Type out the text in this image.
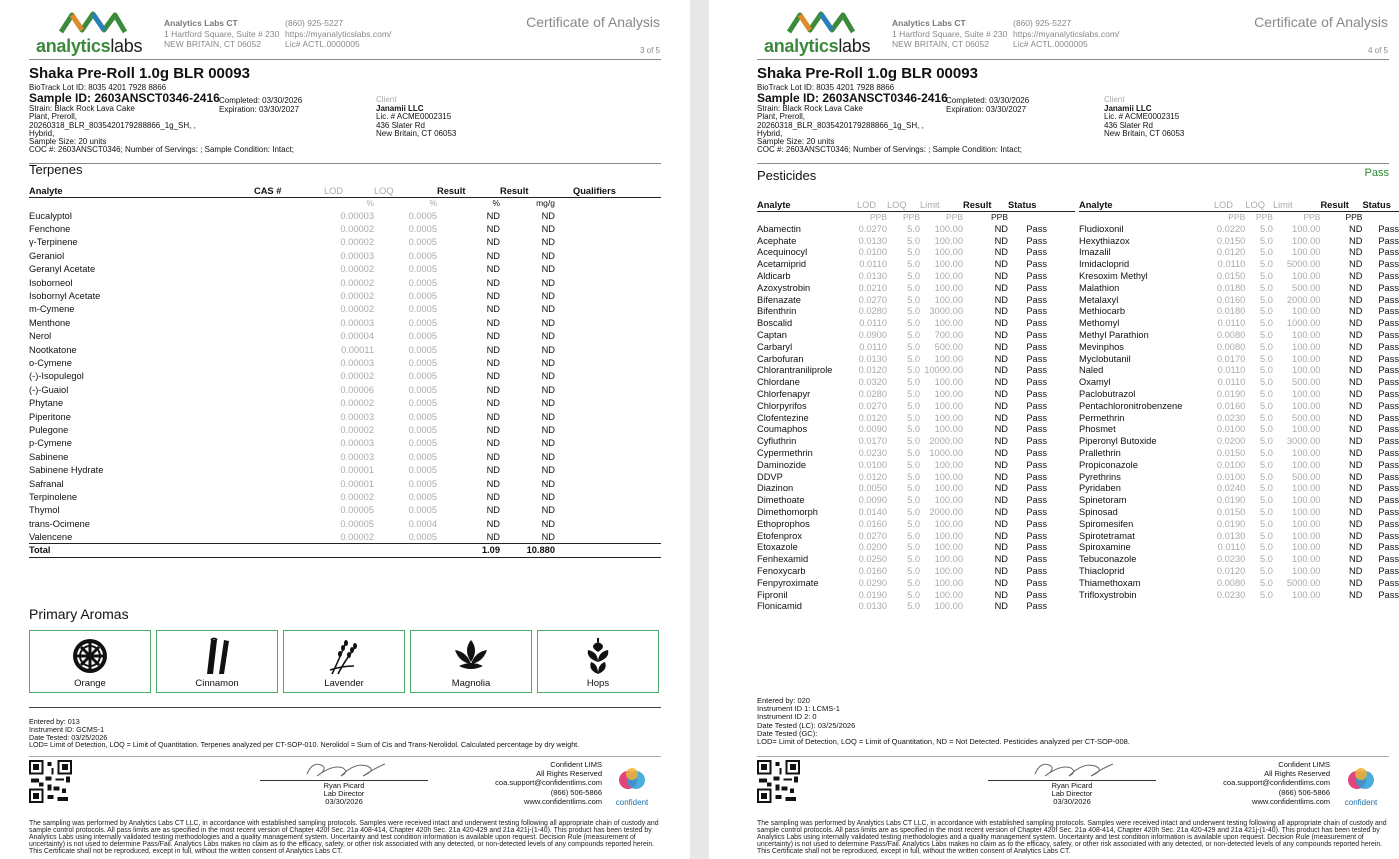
analyticslabs
Analytics Labs CT
1 Hartford Square, Suite # 230
NEW BRITAIN, CT 06052
(860) 925-5227
https://myanalyticslabs.com/
Lic# ACTL.0000005
Certificate of Analysis
3 of 5
Shaka Pre-Roll 1.0g BLR 00093
BioTrack Lot ID: 8035 4201 7928 8866
Sample ID: 2603ANSCT0346-2416
Strain: Black Rock Lava Cake
Plant, Preroll,
20260318_BLR_8035420179288866_1g_SH, ,
Hybrid,
Sample Size: 20 units
COC #: 2603ANSCT0346; Number of Servings: ; Sample Condition: Intact;
Completed: 03/30/2026
Expiration: 03/30/2027
Client
Janamii LLC
Lic. # ACME0002315
436 Slater Rd
New Britain, CT 06053
Terpenes
Analyte	CAS #	LOD	LOQ	Result	Result	Qualifiers
		%	%	%	mg/g	
Eucalyptol		0.00003	0.0005	ND	ND	
Fenchone		0.00002	0.0005	ND	ND	
γ-Terpinene		0.00002	0.0005	ND	ND	
Geraniol		0.00003	0.0005	ND	ND	
Geranyl Acetate		0.00002	0.0005	ND	ND	
Isoborneol		0.00002	0.0005	ND	ND	
Isobornyl Acetate		0.00002	0.0005	ND	ND	
m-Cymene		0.00002	0.0005	ND	ND	
Menthone		0.00003	0.0005	ND	ND	
Nerol		0.00004	0.0005	ND	ND	
Nootkatone		0.00011	0.0005	ND	ND	
o-Cymene		0.00003	0.0005	ND	ND	
(-)-Isopulegol		0.00002	0.0005	ND	ND	
(-)-Guaiol		0.00006	0.0005	ND	ND	
Phytane		0.00002	0.0005	ND	ND	
Piperitone		0.00003	0.0005	ND	ND	
Pulegone		0.00002	0.0005	ND	ND	
p-Cymene		0.00003	0.0005	ND	ND	
Sabinene		0.00003	0.0005	ND	ND	
Sabinene Hydrate		0.00001	0.0005	ND	ND	
Safranal		0.00001	0.0005	ND	ND	
Terpinolene		0.00002	0.0005	ND	ND	
Thymol		0.00005	0.0005	ND	ND	
trans-Ocimene		0.00005	0.0004	ND	ND	
Valencene		0.00002	0.0005	ND	ND	
Total				1.09	10.880	
Primary Aromas
Orange	Cinnamon	Lavender	Magnolia	Hops
Entered by: 013
Instrument ID: GCMS-1
Date Tested: 03/25/2026
LOD= Limit of Detection, LOQ = Limit of Quantitation. Terpenes analyzed per CT-SOP-010. Nerolidol = Sum of Cis and Trans-Nerolidol. Calculated percentage by dry weight.
Ryan Picard
Lab Director
03/30/2026
Confident LIMS
All Rights Reserved
coa.support@confidentlims.com
(866) 506-5866
www.confidentlims.com confident
The sampling was performed by Analytics Labs CT LLC, in accordance with established sampling protocols. Samples were received intact and underwent testing following all appropriate chain of custody and sample control protocols. All pass limits are as specified in the most recent version of Chapter 420f Sec. 21a 408-414, Chapter 420h Sec. 21a 420-429 and 21a 421j-(1-40). This product has been tested by Analytics Labs using internally validated testing methodologies and a quality management system. Uncertainty and test condition information is available upon request. Decision Rule (measurement of uncertainty) is not used to determine Pass/Fail. Analytics Labs makes no claim as to the efficacy, safety, or other risk associated with any detected, or non-detected levels of any compounds reported herein. This Certificate shall not be reproduced, except in full, without the written consent of Analytics Labs CT.
analyticslabs
Analytics Labs CT
1 Hartford Square, Suite # 230
NEW BRITAIN, CT 06052
(860) 925-5227
https://myanalyticslabs.com/
Lic# ACTL.0000005
Certificate of Analysis
4 of 5
Shaka Pre-Roll 1.0g BLR 00093
BioTrack Lot ID: 8035 4201 7928 8866
Sample ID: 2603ANSCT0346-2416
Strain: Black Rock Lava Cake
Plant, Preroll,
20260318_BLR_8035420179288866_1g_SH, ,
Hybrid,
Sample Size: 20 units
COC #: 2603ANSCT0346; Number of Servings: ; Sample Condition: Intact;
Completed: 03/30/2026
Expiration: 03/30/2027
Client
Janamii LLC
Lic. # ACME0002315
436 Slater Rd
New Britain, CT 06053
Pesticides	Pass
Analyte	LOD	LOQ	Limit	Result	Status	
	PPB	PPB	PPB	PPB		
Abamectin	0.0270	5.0	100.00	ND	Pass	
Acephate	0.0130	5.0	100.00	ND	Pass	
Acequinocyl	0.0100	5.0	100.00	ND	Pass	
Acetamiprid	0.0110	5.0	100.00	ND	Pass	
Aldicarb	0.0130	5.0	100.00	ND	Pass	
Azoxystrobin	0.0210	5.0	100.00	ND	Pass	
Bifenazate	0.0270	5.0	100.00	ND	Pass	
Bifenthrin	0.0280	5.0	3000.00	ND	Pass	
Boscalid	0.0110	5.0	100.00	ND	Pass	
Captan	0.0900	5.0	700.00	ND	Pass	
Carbaryl	0.0110	5.0	500.00	ND	Pass	
Carbofuran	0.0130	5.0	100.00	ND	Pass	
Chlorantraniliprole	0.0120	5.0	10000.00	ND	Pass	
Chlordane	0.0320	5.0	100.00	ND	Pass	
Chlorfenapyr	0.0280	5.0	100.00	ND	Pass	
Chlorpyrifos	0.0270	5.0	100.00	ND	Pass	
Clofentezine	0.0120	5.0	100.00	ND	Pass	
Coumaphos	0.0090	5.0	100.00	ND	Pass	
Cyfluthrin	0.0170	5.0	2000.00	ND	Pass	
Cypermethrin	0.0230	5.0	1000.00	ND	Pass	
Daminozide	0.0100	5.0	100.00	ND	Pass	
DDVP	0.0120	5.0	100.00	ND	Pass	
Diazinon	0.0050	5.0	100.00	ND	Pass	
Dimethoate	0.0090	5.0	100.00	ND	Pass	
Dimethomorph	0.0140	5.0	2000.00	ND	Pass	
Ethoprophos	0.0160	5.0	100.00	ND	Pass	
Etofenprox	0.0270	5.0	100.00	ND	Pass	
Etoxazole	0.0200	5.0	100.00	ND	Pass	
Fenhexamid	0.0250	5.0	100.00	ND	Pass	
Fenoxycarb	0.0160	5.0	100.00	ND	Pass	
Fenpyroximate	0.0290	5.0	100.00	ND	Pass	
Fipronil	0.0190	5.0	100.00	ND	Pass	
Flonicamid	0.0130	5.0	100.00	ND	Pass	
Analyte	LOD	LOQ	Limit	Result	Status
	PPB	PPB	PPB	PPB	
Fludioxonil	0.0220	5.0	100.00	ND	Pass
Hexythiazox	0.0150	5.0	100.00	ND	Pass
Imazalil	0.0120	5.0	100.00	ND	Pass
Imidacloprid	0.0110	5.0	5000.00	ND	Pass
Kresoxim Methyl	0.0150	5.0	100.00	ND	Pass
Malathion	0.0180	5.0	500.00	ND	Pass
Metalaxyl	0.0160	5.0	2000.00	ND	Pass
Methiocarb	0.0180	5.0	100.00	ND	Pass
Methomyl	0.0110	5.0	1000.00	ND	Pass
Methyl Parathion	0.0080	5.0	100.00	ND	Pass
Mevinphos	0.0080	5.0	100.00	ND	Pass
Myclobutanil	0.0170	5.0	100.00	ND	Pass
Naled	0.0110	5.0	100.00	ND	Pass
Oxamyl	0.0110	5.0	500.00	ND	Pass
Paclobutrazol	0.0190	5.0	100.00	ND	Pass
Pentachloronitrobenzene	0.0160	5.0	100.00	ND	Pass
Permethrin	0.0230	5.0	500.00	ND	Pass
Phosmet	0.0100	5.0	100.00	ND	Pass
Piperonyl Butoxide	0.0200	5.0	3000.00	ND	Pass
Prallethrin	0.0150	5.0	100.00	ND	Pass
Propiconazole	0.0100	5.0	100.00	ND	Pass
Pyrethrins	0.0100	5.0	500.00	ND	Pass
Pyridaben	0.0240	5.0	100.00	ND	Pass
Spinetoram	0.0190	5.0	100.00	ND	Pass
Spinosad	0.0150	5.0	100.00	ND	Pass
Spiromesifen	0.0190	5.0	100.00	ND	Pass
Spirotetramat	0.0130	5.0	100.00	ND	Pass
Spiroxamine	0.0110	5.0	100.00	ND	Pass
Tebuconazole	0.0230	5.0	100.00	ND	Pass
Thiacloprid	0.0120	5.0	100.00	ND	Pass
Thiamethoxam	0.0080	5.0	5000.00	ND	Pass
Trifloxystrobin	0.0230	5.0	100.00	ND	Pass
Entered by: 020
Instrument ID 1: LCMS-1
Instrument ID 2: 0
Date Tested (LC): 03/25/2026
Date Tested (GC):
LOD= Limit of Detection, LOQ = Limit of Quantitation, ND = Not Detected. Pesticides analyzed per CT-SOP-008.
Ryan Picard
Lab Director
03/30/2026
Confident LIMS
All Rights Reserved
coa.support@confidentlims.com
(866) 506-5866
www.confidentlims.com confident
The sampling was performed by Analytics Labs CT LLC, in accordance with established sampling protocols. Samples were received intact and underwent testing following all appropriate chain of custody and sample control protocols. All pass limits are as specified in the most recent version of Chapter 420f Sec. 21a 408-414, Chapter 420h Sec. 21a 420-429 and 21a 421j-(1-40). This product has been tested by Analytics Labs using internally validated testing methodologies and a quality management system. Uncertainty and test condition information is available upon request. Decision Rule (measurement of uncertainty) is not used to determine Pass/Fail. Analytics Labs makes no claim as to the efficacy, safety, or other risk associated with any detected, or non-detected levels of any compounds reported herein. This Certificate shall not be reproduced, except in full, without the written consent of Analytics Labs CT.
